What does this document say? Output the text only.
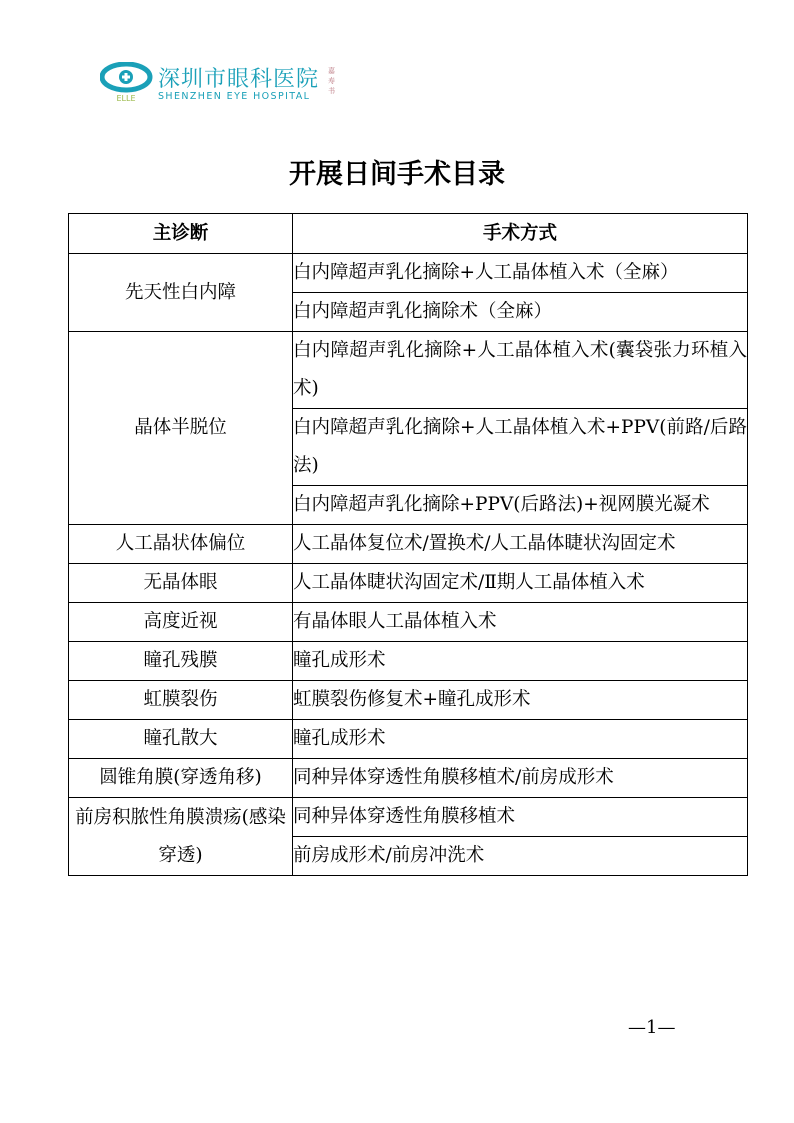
ELLE
深圳市眼科医院
SHENZHEN EYE HOSPITAL
嘉寿书
开展日间手术目录
主诊断	手术方式
先天性白内障	白内障超声乳化摘除+人工晶体植入术（全麻）
	白内障超声乳化摘除术（全麻）
晶体半脱位	白内障超声乳化摘除+人工晶体植入术(囊袋张力环植入术)
	白内障超声乳化摘除+人工晶体植入术+PPV(前路/后路法)
	白内障超声乳化摘除+PPV(后路法)+视网膜光凝术
人工晶状体偏位	人工晶体复位术/置换术/人工晶体睫状沟固定术
无晶体眼	人工晶体睫状沟固定术/Ⅱ期人工晶体植入术
高度近视	有晶体眼人工晶体植入术
瞳孔残膜	瞳孔成形术
虹膜裂伤	虹膜裂伤修复术+瞳孔成形术
瞳孔散大	瞳孔成形术
圆锥角膜(穿透角移)	同种异体穿透性角膜移植术/前房成形术
前房积脓性角膜溃疡(感染穿透)	同种异体穿透性角膜移植术
	前房成形术/前房冲洗术
—1—
